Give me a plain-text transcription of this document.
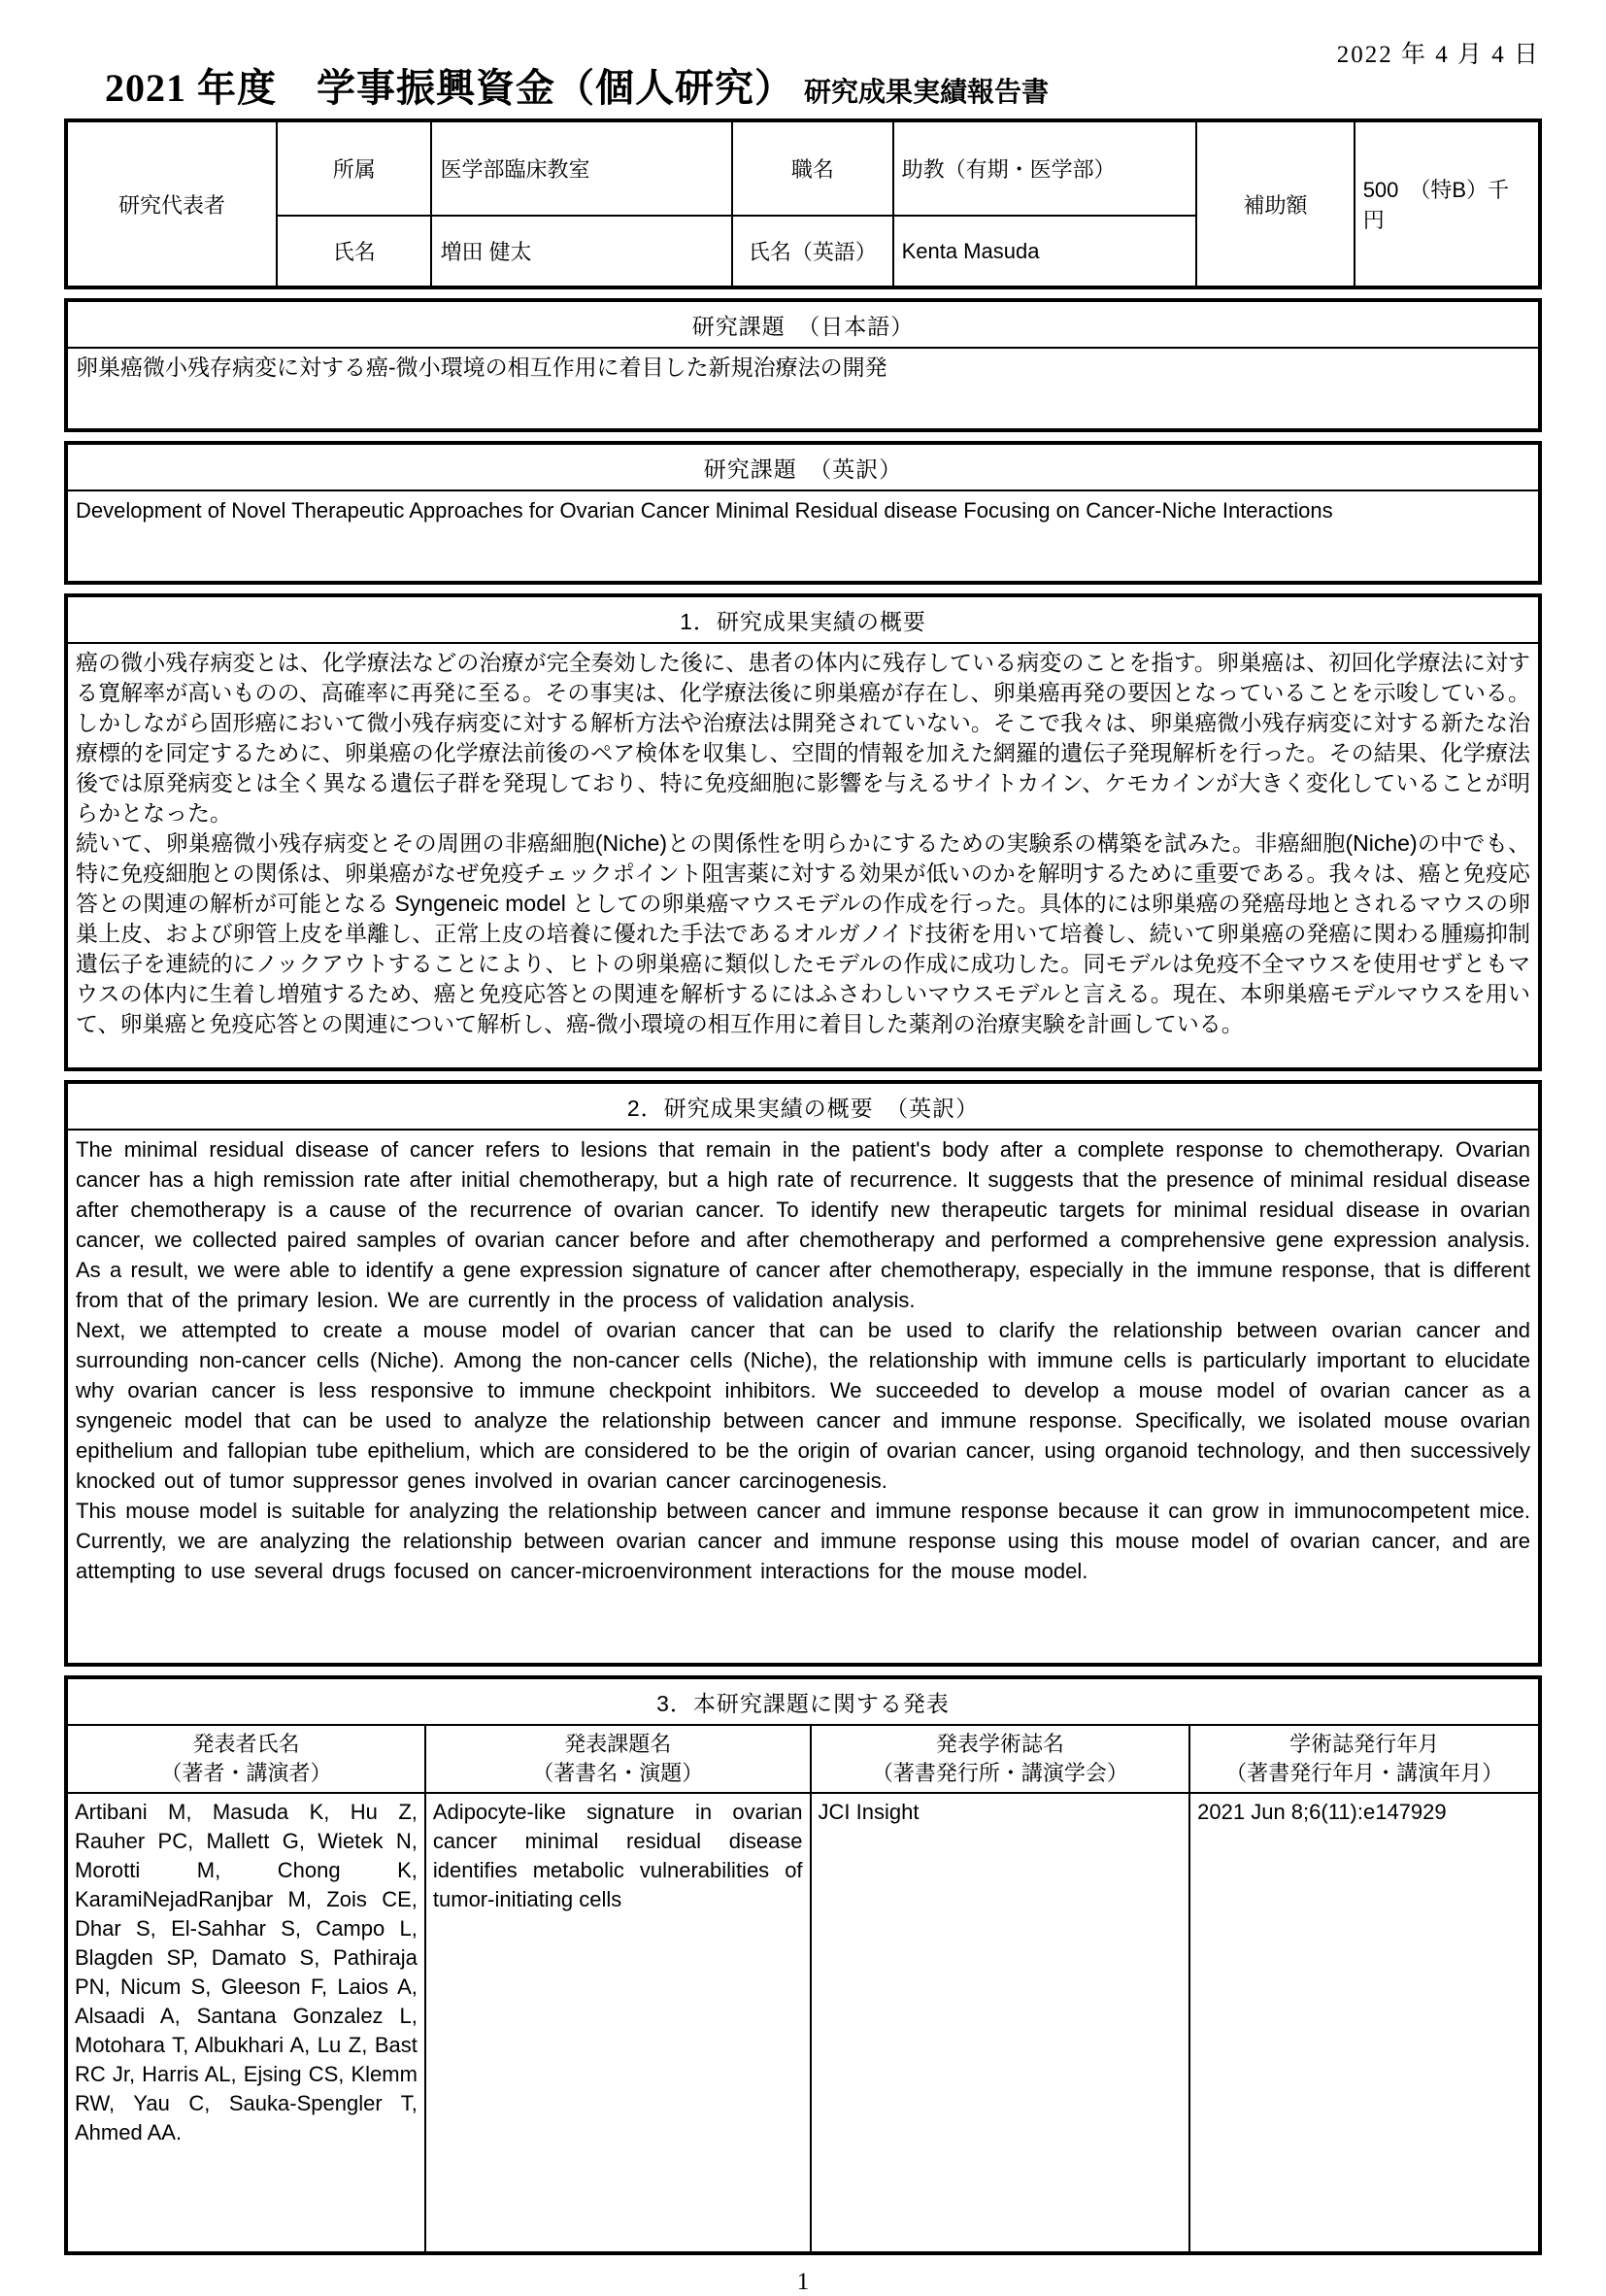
2022 年 4 月 4 日
2021 年度　学事振興資金（個人研究） 研究成果実績報告書
研究代表者	所属	医学部臨床教室	職名	助教（有期・医学部）	補助額	500　（特B）千円
	氏名	増田 健太	氏名（英語）	Kenta Masuda		
研究課題　（日本語）
卵巣癌微小残存病変に対する癌-微小環境の相互作用に着目した新規治療法の開発
研究課題　（英訳）
Development of Novel Therapeutic Approaches for Ovarian Cancer Minimal Residual disease Focusing on Cancer-Niche Interactions
1．研究成果実績の概要

癌の微小残存病変とは、化学療法などの治療が完全奏効した後に、患者の体内に残存している病変のことを指す。卵巣癌は、初回化学療法に対する寛解率が高いものの、高確率に再発に至る。その事実は、化学療法後に卵巣癌が存在し、卵巣癌再発の要因となっていることを示唆している。しかしながら固形癌において微小残存病変に対する解析方法や治療法は開発されていない。そこで我々は、卵巣癌微小残存病変に対する新たな治療標的を同定するために、卵巣癌の化学療法前後のペア検体を収集し、空間的情報を加えた網羅的遺伝子発現解析を行った。その結果、化学療法後では原発病変とは全く異なる遺伝子群を発現しており、特に免疫細胞に影響を与えるサイトカイン、ケモカインが大きく変化していることが明らかとなった。

続いて、卵巣癌微小残存病変とその周囲の非癌細胞(Niche)との関係性を明らかにするための実験系の構築を試みた。非癌細胞(Niche)の中でも、特に免疫細胞との関係は、卵巣癌がなぜ免疫チェックポイント阻害薬に対する効果が低いのかを解明するために重要である。我々は、癌と免疫応答との関連の解析が可能となる Syngeneic model としての卵巣癌マウスモデルの作成を行った。具体的には卵巣癌の発癌母地とされるマウスの卵巣上皮、および卵管上皮を単離し、正常上皮の培養に優れた手法であるオルガノイド技術を用いて培養し、続いて卵巣癌の発癌に関わる腫瘍抑制遺伝子を連続的にノックアウトすることにより、ヒトの卵巣癌に類似したモデルの作成に成功した。同モデルは免疫不全マウスを使用せずともマウスの体内に生着し増殖するため、癌と免疫応答との関連を解析するにはふさわしいマウスモデルと言える。現在、本卵巣癌モデルマウスを用いて、卵巣癌と免疫応答との関連について解析し、癌-微小環境の相互作用に着目した薬剤の治療実験を計画している。

2．研究成果実績の概要　（英訳）

The minimal residual disease of cancer refers to lesions that remain in the patient's body after a complete response to chemotherapy. Ovarian cancer has a high remission rate after initial chemotherapy, but a high rate of recurrence. It suggests that the presence of minimal residual disease after chemotherapy is a cause of the recurrence of ovarian cancer. To identify new therapeutic targets for minimal residual disease in ovarian cancer, we collected paired samples of ovarian cancer before and after chemotherapy and performed a comprehensive gene expression analysis. As a result, we were able to identify a gene expression signature of cancer after chemotherapy, especially in the immune response, that is different from that of the primary lesion. We are currently in the process of validation analysis.

Next, we attempted to create a mouse model of ovarian cancer that can be used to clarify the relationship between ovarian cancer and surrounding non-cancer cells (Niche). Among the non-cancer cells (Niche), the relationship with immune cells is particularly important to elucidate why ovarian cancer is less responsive to immune checkpoint inhibitors. We succeeded to develop a mouse model of ovarian cancer as a syngeneic model that can be used to analyze the relationship between cancer and immune response. Specifically, we isolated mouse ovarian epithelium and fallopian tube epithelium, which are considered to be the origin of ovarian cancer, using organoid technology, and then successively knocked out of tumor suppressor genes involved in ovarian cancer carcinogenesis.

This mouse model is suitable for analyzing the relationship between cancer and immune response because it can grow in immunocompetent mice. Currently, we are analyzing the relationship between ovarian cancer and immune response using this mouse model of ovarian cancer, and are attempting to use several drugs focused on cancer-microenvironment interactions for the mouse model.

3．本研究課題に関する発表
発表者氏名
（著者・講演者）	発表課題名
（著書名・演題）	発表学術誌名
（著書発行所・講演学会）	学術誌発行年月
（著書発行年月・講演年月）

Artibani M, Masuda K, Hu Z, Rauher PC, Mallett G, Wietek N, Morotti M, Chong K, KaramiNejadRanjbar M, Zois CE, Dhar S, El-Sahhar S, Campo L, Blagden SP, Damato S, Pathiraja PN, Nicum S, Gleeson F, Laios A, Alsaadi A, Santana Gonzalez L, Motohara T, Albukhari A, Lu Z, Bast RC Jr, Harris AL, Ejsing CS, Klemm RW, Yau C, Sauka-Spengler T, Ahmed AA.	Adipocyte-like signature in ovarian cancer minimal residual disease identifies metabolic vulnerabilities of tumor-initiating cells	JCI Insight	2021 Jun 8;6(11):e147929
1
